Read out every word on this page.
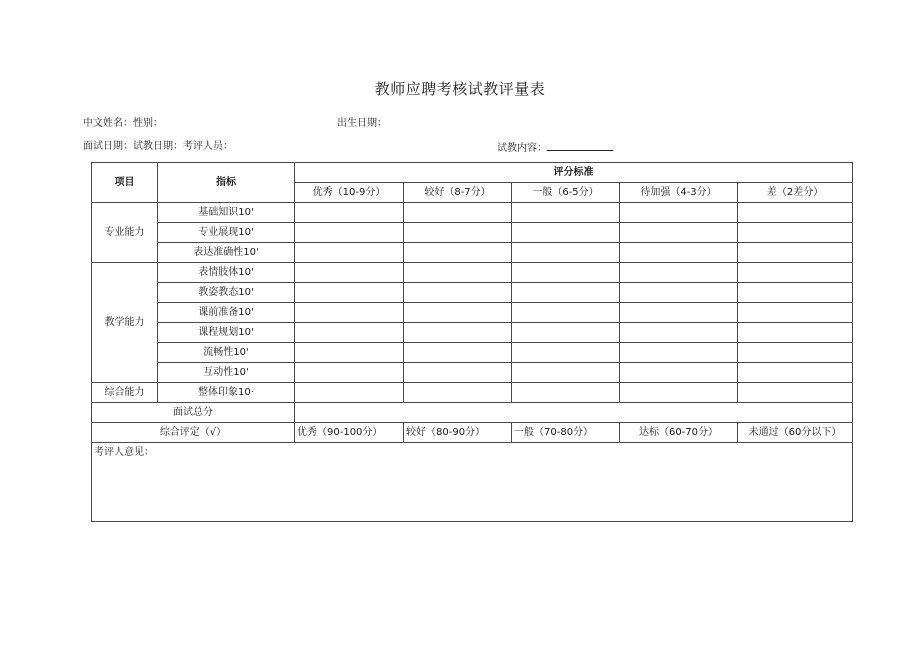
教师应聘考核试教评量表
中文姓名：性别：	出生日期：
面试日期：试教日期：考评人员：	试教内容：
项目	指标	评分标准				
		优秀（10-9分）	较好（8-7分）	一般（6-5分）	待加强（4-3分）	差（2差分）
专业能力	基础知识10'					
	专业展现10'					
	表达准确性10'					
教学能力	表情肢体10'					
	教姿教态10'					
	课前准备10'					
	课程规划10'					
	流畅性10'					
	互动性10'					
综合能力	整体印象10·					
面试总分						
综合评定（√）		优秀（90-100分）	较好（80-90分）	一般（70-80分）	达标（60-70分）	未通过（60分以下）
考评人意见：						
